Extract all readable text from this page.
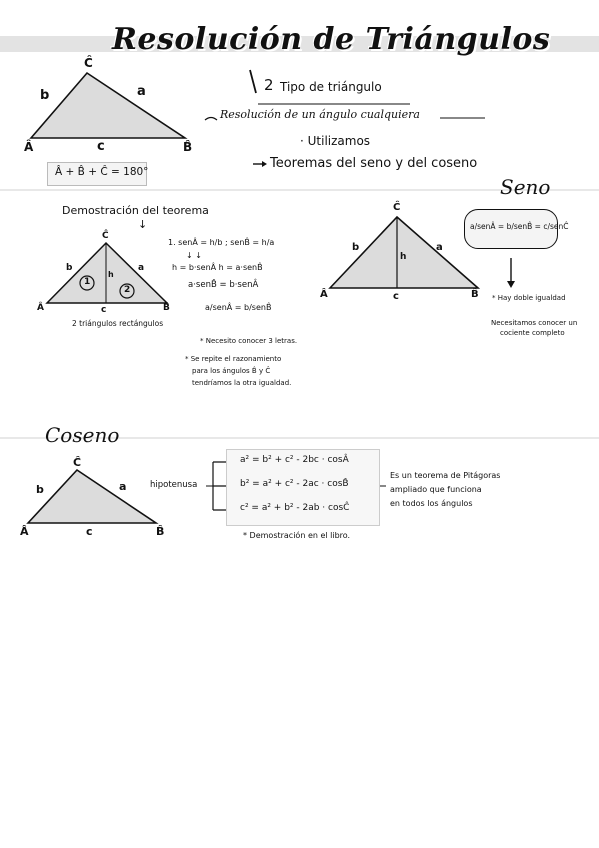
Resolución de Triángulos
Ĉ
Â	B̂
b	a
c
Â + B̂ + Ĉ = 180°
2 Tipo de triángulo
Resolución de un ángulo cualquiera
· Utilizamos
Teoremas del seno y del coseno
Demostración del teorema
↓
Ĉ
Â	B̂
b	a
c
h
1
2
2 triángulos rectángulos
1. senÂ = h/b ; senB̂ = h/a
↓ ↓
h = b·senÂ h = a·senB̂
a·senB̂ = b·senÂ
a/senÂ = b/senB̂
* Necesito conocer 3 letras.
* Se repite el razonamiento
para los ángulos B̂ y Ĉ
tendríamos la otra igualdad.
Seno
Ĉ
Â	B̂
b	a
c
h
a/senÂ = b/senB̂ = c/senĈ
* Hay doble igualdad
Necesitamos conocer un
cociente completo
Coseno
Ĉ
Â	B̂
b	a
c
hipotenusa
a² = b² + c² - 2bc · cosÂ
b² = a² + c² - 2ac · cosB̂
c² = a² + b² - 2ab · cosĈ
Es un teorema de Pitágoras
ampliado que funciona
en todos los ángulos
* Demostración en el libro.
